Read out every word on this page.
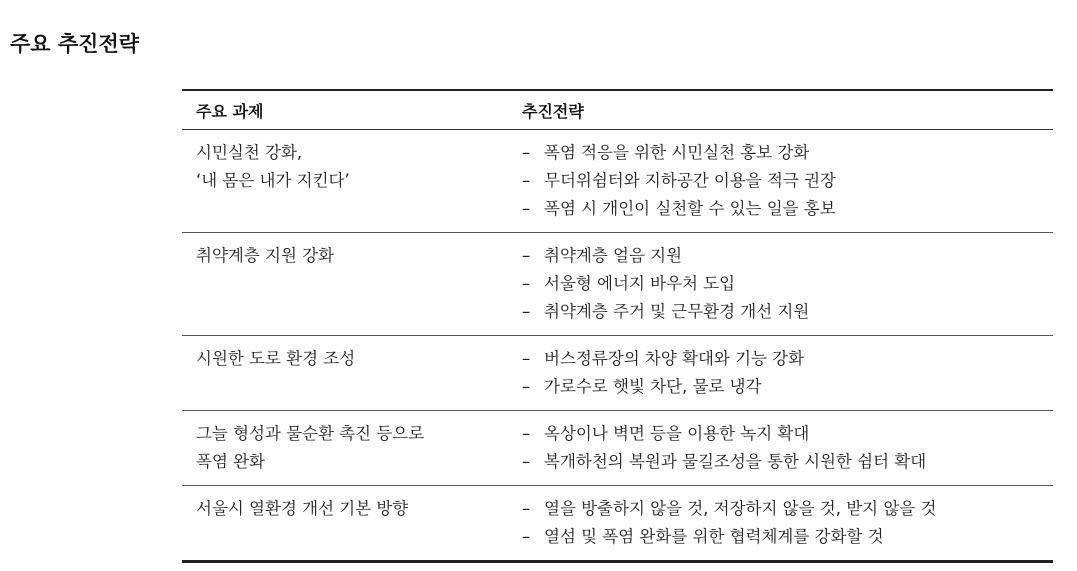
주요 추진전략
주요 과제	추진전략

시민실천 강화,
‘내 몸은 내가 지킨다’	– 폭염 적응을 위한 시민실천 홍보 강화
– 무더위쉼터와 지하공간 이용을 적극 권장
– 폭염 시 개인이 실천할 수 있는 일을 홍보

취약계층 지원 강화	– 취약계층 얼음 지원
– 서울형 에너지 바우처 도입
– 취약계층 주거 및 근무환경 개선 지원

시원한 도로 환경 조성	– 버스정류장의 차양 확대와 기능 강화
– 가로수로 햇빛 차단, 물로 냉각

그늘 형성과 물순환 촉진 등으로
폭염 완화	– 옥상이나 벽면 등을 이용한 녹지 확대
– 복개하천의 복원과 물길조성을 통한 시원한 쉼터 확대

서울시 열환경 개선 기본 방향	– 열을 방출하지 않을 것, 저장하지 않을 것, 받지 않을 것
– 열섬 및 폭염 완화를 위한 협력체계를 강화할 것
